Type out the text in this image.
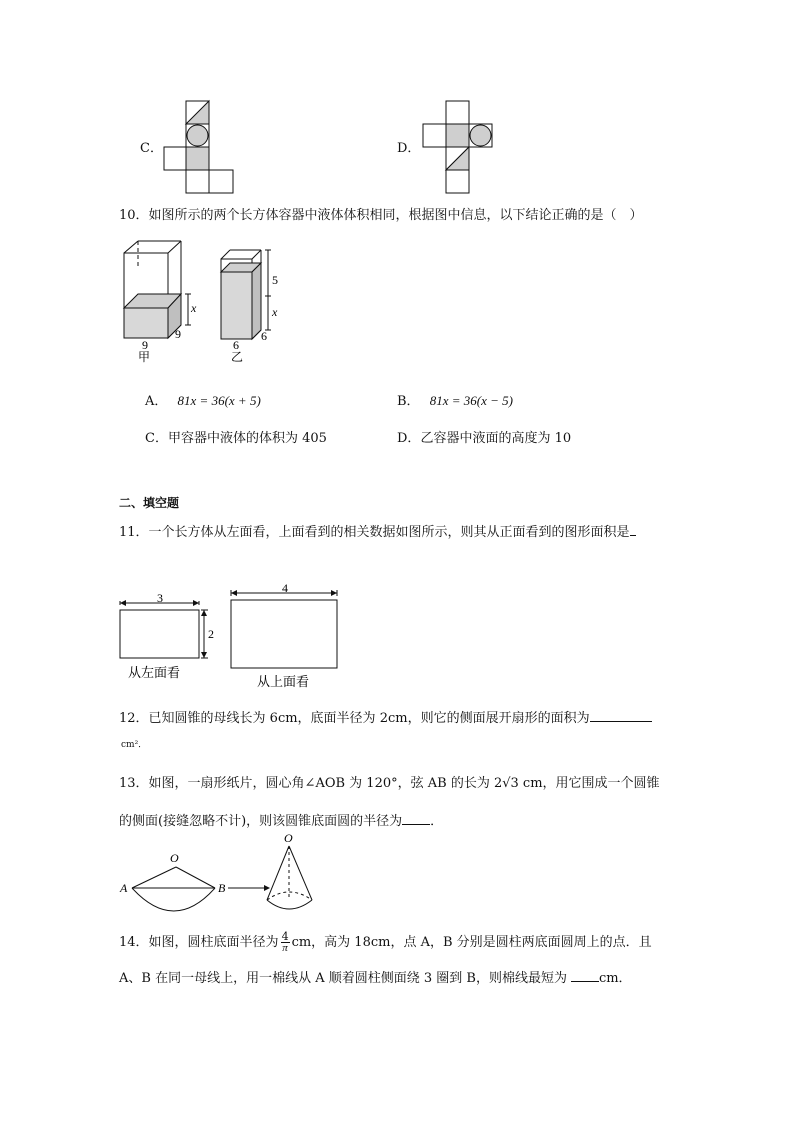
C．	D．
10．如图所示的两个长方体容器中液体体积相同，根据图中信息，以下结论正确的是（　）
x
9
9
甲
5
x
6
6
乙
A． 81x = 36(x + 5)	B． 81x = 36(x − 5)
C．甲容器中液体的体积为 405	D．乙容器中液面的高度为 10
二、填空题
11．一个长方体从左面看，上面看到的相关数据如图所示，则其从正面看到的图形面积是
3
2
4
从左面看
从上面看
12．已知圆锥的母线长为 6cm，底面半径为 2cm，则它的侧面展开扇形的面积为
cm²．
13．如图，一扇形纸片，圆心角∠AOB 为 120°，弦 AB 的长为 2√3 cm，用它围成一个圆锥
的侧面(接缝忽略不计)，则该圆锥底面圆的半径为 ．
O
A	B
O
14．如图，圆柱底面半径为 $\frac{4}{\pi}$ cm，高为 18cm，点 A，B 分别是圆柱两底面圆周上的点．且
A、B 在同一母线上，用一棉线从 A 顺着圆柱侧面绕 3 圈到 B，则棉线最短为 cm．
